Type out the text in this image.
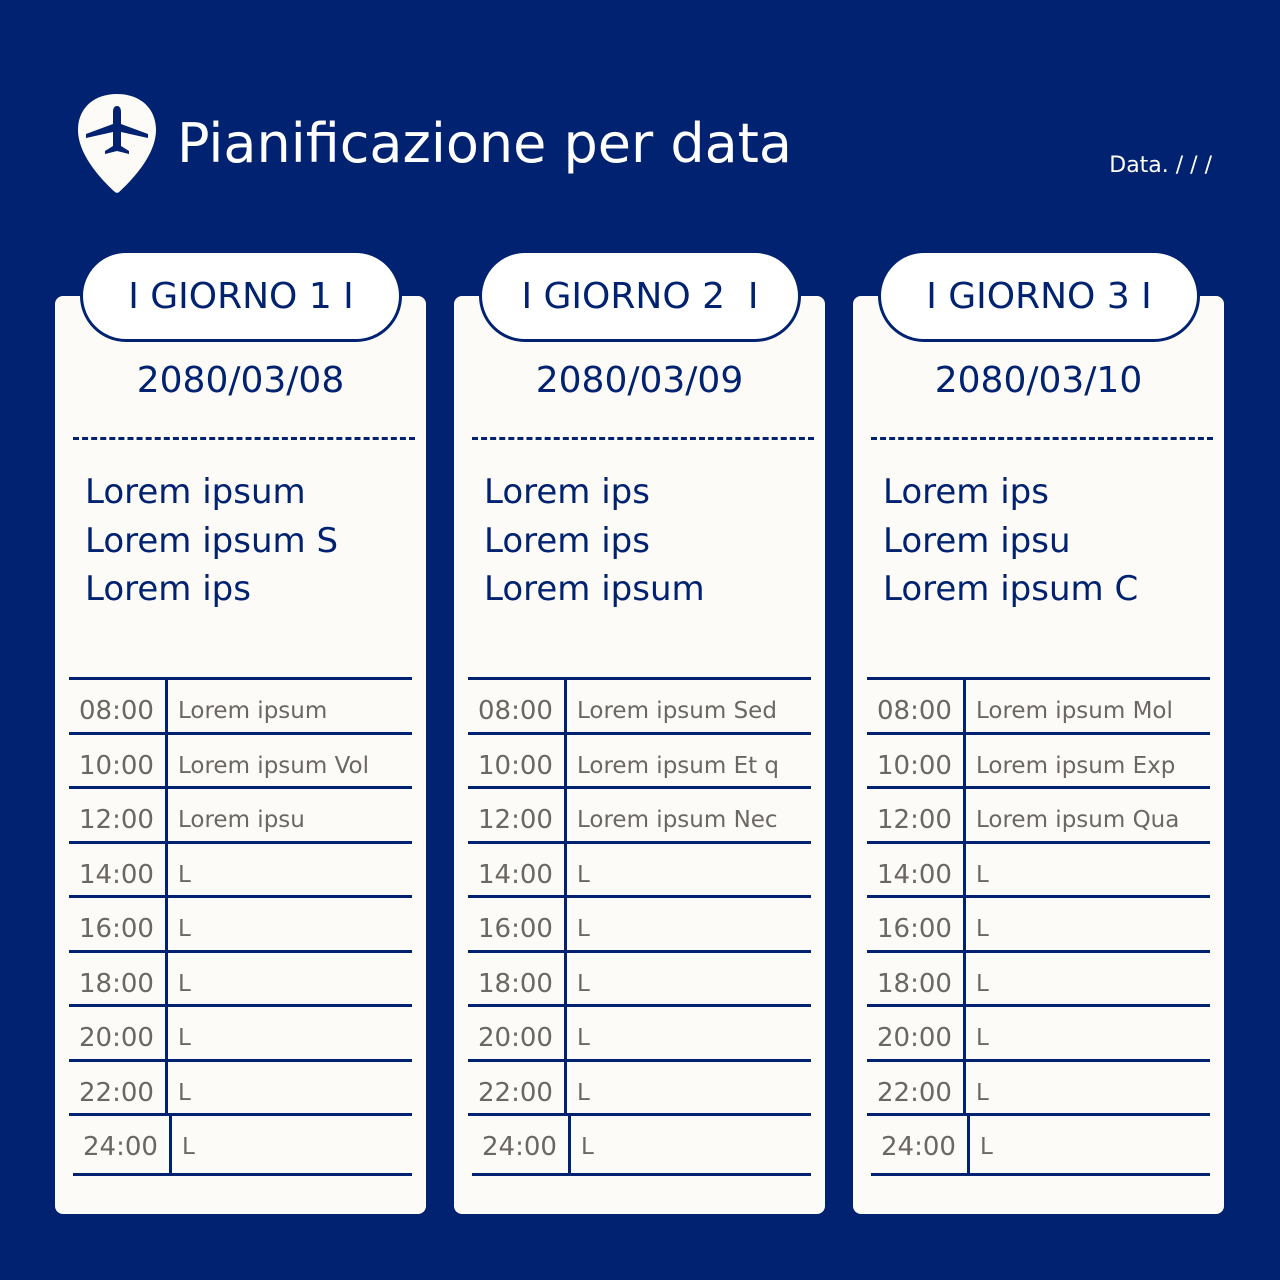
Pianificazione per data	Data. / / /
I GIORNO 1 I
2080/03/08
Lorem ipsum
Lorem ipsum S
Lorem ips
08:00	Lorem ipsum
10:00	Lorem ipsum Vol
12:00	Lorem ipsu
14:00	L
16:00	L
18:00	L
20:00	L
22:00	L
24:00	L
I GIORNO 2  I
2080/03/09
Lorem ips
Lorem ips
Lorem ipsum
08:00	Lorem ipsum Sed
10:00	Lorem ipsum Et q
12:00	Lorem ipsum Nec
14:00	L
16:00	L
18:00	L
20:00	L
22:00	L
24:00	L
I GIORNO 3 I
2080/03/10
Lorem ips
Lorem ipsu
Lorem ipsum C
08:00	Lorem ipsum Mol
10:00	Lorem ipsum Exp
12:00	Lorem ipsum Qua
14:00	L
16:00	L
18:00	L
20:00	L
22:00	L
24:00	L
